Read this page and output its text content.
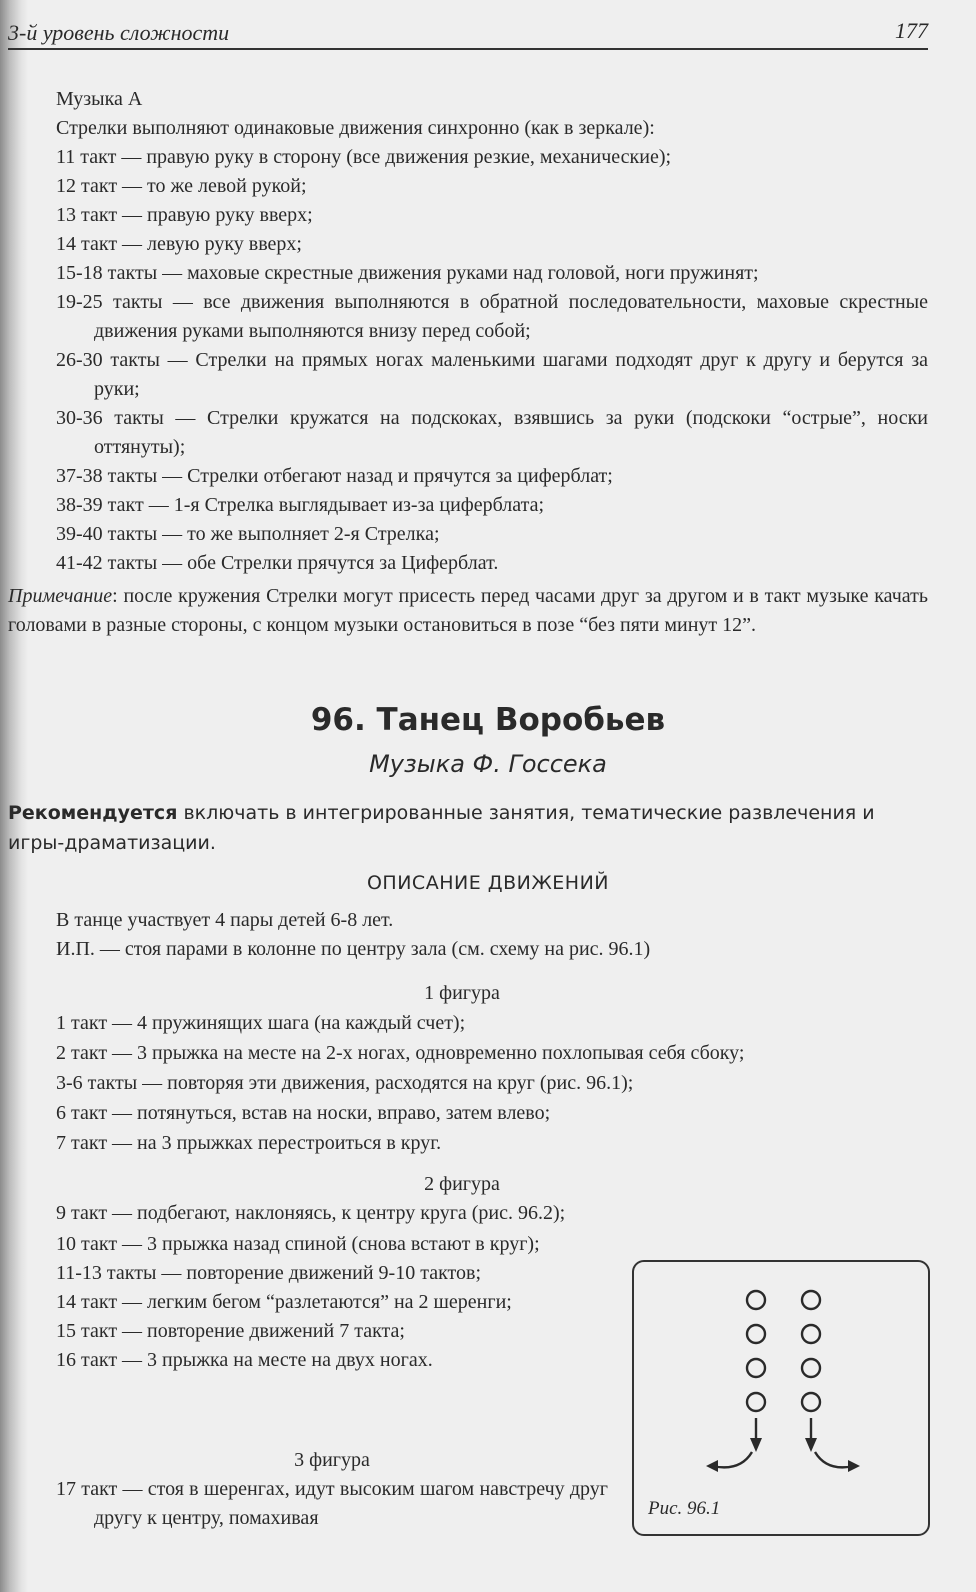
3-й уровень сложности	177
Музыка А
Стрелки выполняют одинаковые движения синхронно (как в зеркале):
11 такт — правую руку в сторону (все движения резкие, механические);
12 такт — то же левой рукой;
13 такт — правую руку вверх;
14 такт — левую руку вверх;
15-18 такты — маховые скрестные движения руками над головой, ноги пружинят;
19-25 такты — все движения выполняются в обратной последовательности, маховые скрестные движения руками выполняются внизу перед собой;
26-30 такты — Стрелки на прямых ногах маленькими шагами подходят друг к другу и берутся за руки;
30-36 такты — Стрелки кружатся на подскоках, взявшись за руки (подскоки “острые”, носки оттянуты);
37-38 такты — Стрелки отбегают назад и прячутся за циферблат;
38-39 такт — 1-я Стрелка выглядывает из-за циферблата;
39-40 такты — то же выполняет 2-я Стрелка;
41-42 такты — обе Стрелки прячутся за Циферблат.
Примечание: после кружения Стрелки могут присесть перед часами друг за другом и в такт музыке качать головами в разные стороны, с концом музыки остановиться в позе “без пяти минут 12”.
96. Танец Воробьев
Музыка Ф. Госсека
Рекомендуется включать в интегрированные занятия, тематические развлечения и игры-драматизации.
ОПИСАНИЕ ДВИЖЕНИЙ
В танце участвует 4 пары детей 6-8 лет.
И.П. — стоя парами в колонне по центру зала (см. схему на рис. 96.1)
1 фигура
1 такт — 4 пружинящих шага (на каждый счет);
2 такт — 3 прыжка на месте на 2-х ногах, одновременно похлопывая себя сбоку;
3-6 такты — повторяя эти движения, расходятся на круг (рис. 96.1);
6 такт — потянуться, встав на носки, вправо, затем влево;
7 такт — на 3 прыжках перестроиться в круг.
2 фигура
9 такт — подбегают, наклоняясь, к центру круга (рис. 96.2);
10 такт — 3 прыжка назад спиной (снова встают в круг);
11-13 такты — повторение движений 9-10 тактов;
14 такт — легким бегом “разлетаются” на 2 шеренги;
15 такт — повторение движений 7 такта;
16 такт — 3 прыжка на месте на двух ногах.
3 фигура
17 такт — стоя в шеренгах, идут высоким шагом навстречу друг другу к центру, помахивая	Рис. 96.1
